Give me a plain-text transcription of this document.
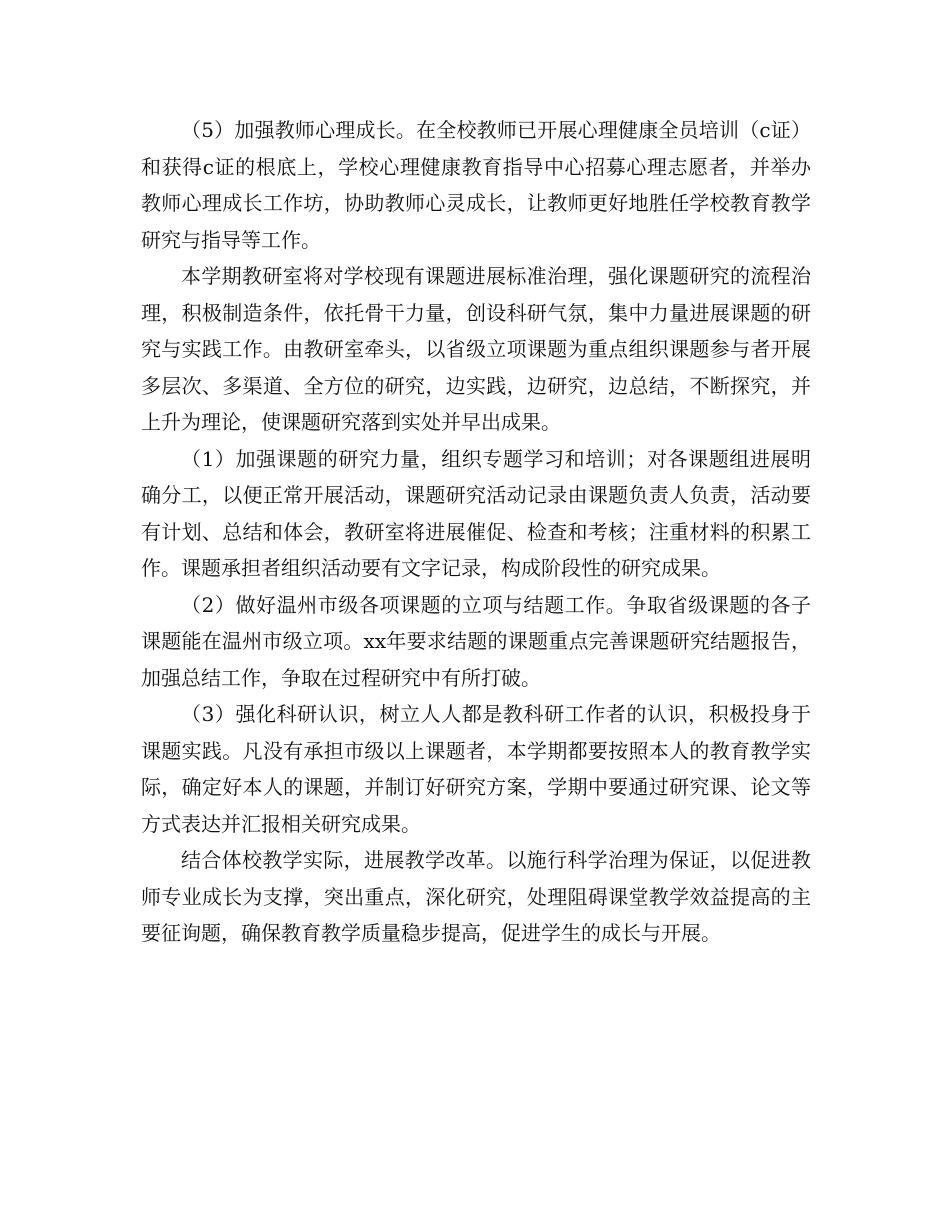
（5）加强教师心理成长。在全校教师已开展心理健康全员培训（c证）和获得c证的根底上，学校心理健康教育指导中心招募心理志愿者，并举办教师心理成长工作坊，协助教师心灵成长，让教师更好地胜任学校教育教学研究与指导等工作。

本学期教研室将对学校现有课题进展标准治理，强化课题研究的流程治理，积极制造条件，依托骨干力量，创设科研气氛，集中力量进展课题的研究与实践工作。由教研室牵头，以省级立项课题为重点组织课题参与者开展多层次、多渠道、全方位的研究，边实践，边研究，边总结，不断探究，并上升为理论，使课题研究落到实处并早出成果。

（1）加强课题的研究力量，组织专题学习和培训；对各课题组进展明确分工，以便正常开展活动，课题研究活动记录由课题负责人负责，活动要有计划、总结和体会，教研室将进展催促、检查和考核；注重材料的积累工作。课题承担者组织活动要有文字记录，构成阶段性的研究成果。

（2）做好温州市级各项课题的立项与结题工作。争取省级课题的各子课题能在温州市级立项。xx年要求结题的课题重点完善课题研究结题报告，加强总结工作，争取在过程研究中有所打破。

（3）强化科研认识，树立人人都是教科研工作者的认识，积极投身于课题实践。凡没有承担市级以上课题者，本学期都要按照本人的教育教学实际，确定好本人的课题，并制订好研究方案，学期中要通过研究课、论文等方式表达并汇报相关研究成果。

结合体校教学实际，进展教学改革。以施行科学治理为保证，以促进教师专业成长为支撑，突出重点，深化研究，处理阻碍课堂教学效益提高的主要征询题，确保教育教学质量稳步提高，促进学生的成长与开展。
